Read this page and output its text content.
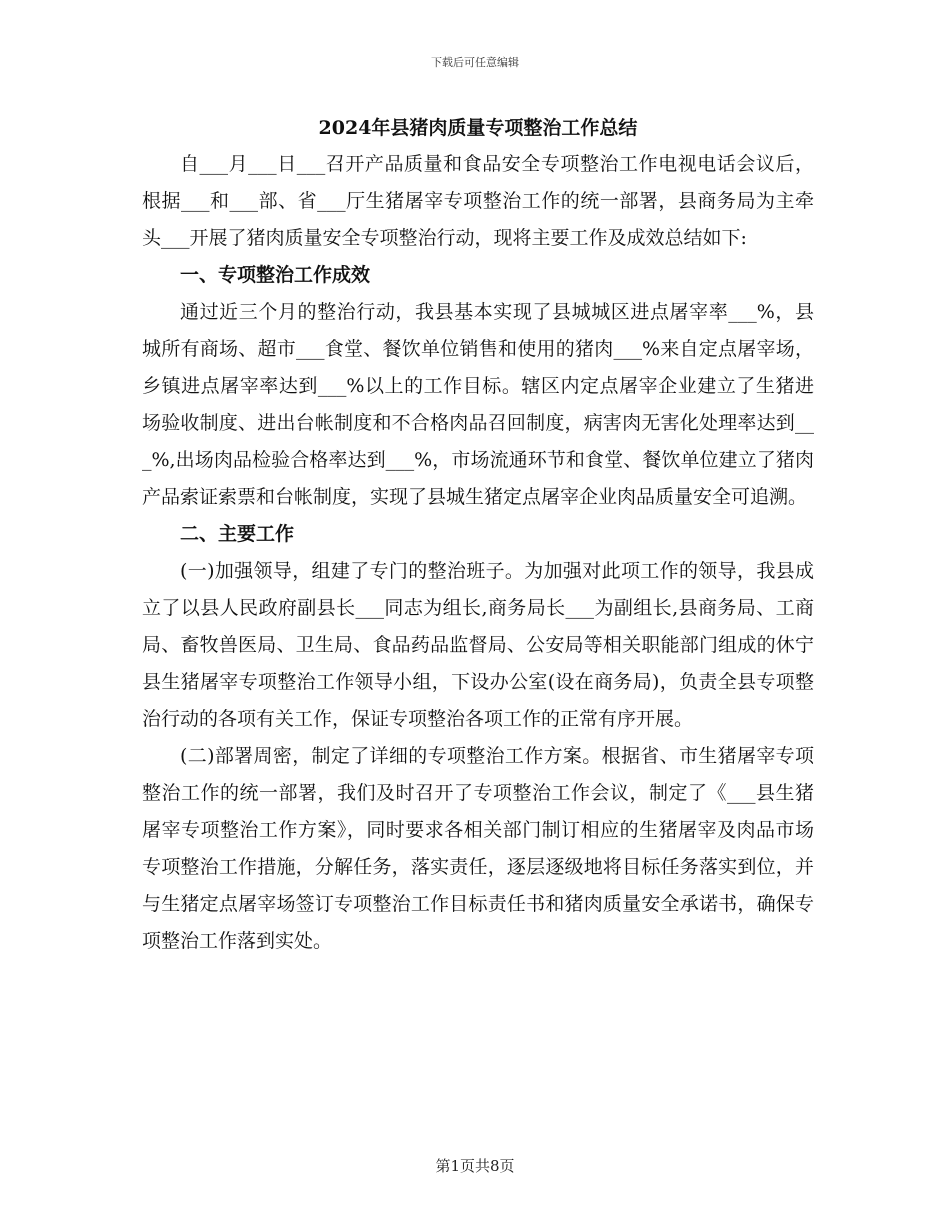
下载后可任意编辑
2024年县猪肉质量专项整治工作总结

自___月___日___召开产品质量和食品安全专项整治工作电视电话会议后，根据___和___部、省___厅生猪屠宰专项整治工作的统一部署，县商务局为主牵头___开展了猪肉质量安全专项整治行动，现将主要工作及成效总结如下:

一、专项整治工作成效

通过近三个月的整治行动，我县基本实现了县城城区进点屠宰率___%，县城所有商场、超市___食堂、餐饮单位销售和使用的猪肉___%来自定点屠宰场，乡镇进点屠宰率达到___%以上的工作目标。辖区内定点屠宰企业建立了生猪进场验收制度、进出台帐制度和不合格肉品召回制度，病害肉无害化处理率达到___%,出场肉品检验合格率达到___%，市场流通环节和食堂、餐饮单位建立了猪肉产品索证索票和台帐制度，实现了县城生猪定点屠宰企业肉品质量安全可追溯。

二、主要工作

(一)加强领导，组建了专门的整治班子。为加强对此项工作的领导，我县成立了以县人民政府副县长___同志为组长,商务局长___为副组长,县商务局、工商局、畜牧兽医局、卫生局、食品药品监督局、公安局等相关职能部门组成的休宁县生猪屠宰专项整治工作领导小组，下设办公室(设在商务局)，负责全县专项整治行动的各项有关工作，保证专项整治各项工作的正常有序开展。

(二)部署周密，制定了详细的专项整治工作方案。根据省、市生猪屠宰专项整治工作的统一部署，我们及时召开了专项整治工作会议，制定了《___县生猪屠宰专项整治工作方案》，同时要求各相关部门制订相应的生猪屠宰及肉品市场专项整治工作措施，分解任务，落实责任，逐层逐级地将目标任务落实到位，并与生猪定点屠宰场签订专项整治工作目标责任书和猪肉质量安全承诺书，确保专项整治工作落到实处。

第1页共8页
